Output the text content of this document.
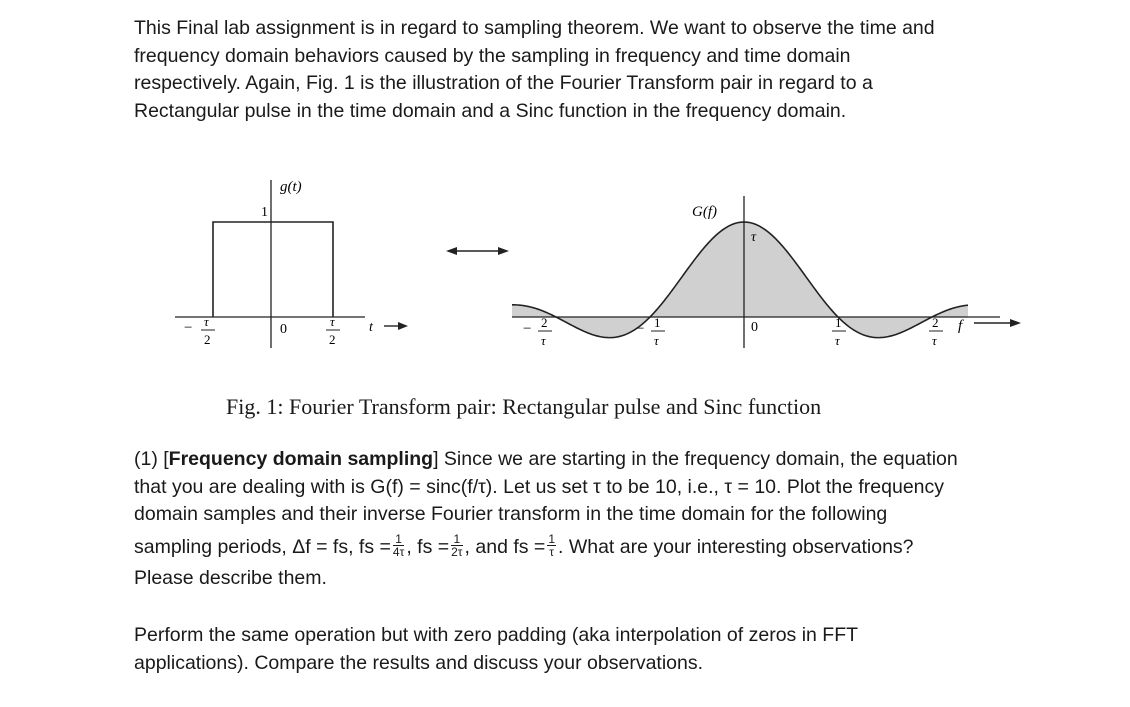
This Final lab assignment is in regard to sampling theorem. We want to observe the time and
frequency domain behaviors caused by the sampling in frequency and time domain
respectively. Again, Fig. 1 is the illustration of the Fourier Transform pair in regard to a
Rectangular pulse in the time domain and a Sinc function in the frequency domain.
g(t)
1
0
− τ
2
τ
2
t
G(f)
τ
0
− 2
τ
− 1
τ
1
τ
2
τ
f
Fig. 1: Fourier Transform pair: Rectangular pulse and Sinc function
(1) [Frequency domain sampling] Since we are starting in the frequency domain, the equation
that you are dealing with is G(f) = sinc(f/τ). Let us set τ to be 10, i.e., τ = 10. Plot the frequency
domain samples and their inverse Fourier transform in the time domain for the following
sampling periods, Δf = fs, fs = $\frac{1}{4\tau}$ , fs = $\frac{1}{2\tau}$ , and fs = $\frac{1}{\tau}$ . What are your interesting observations?
Please describe them.
Perform the same operation but with zero padding (aka interpolation of zeros in FFT
applications). Compare the results and discuss your observations.
